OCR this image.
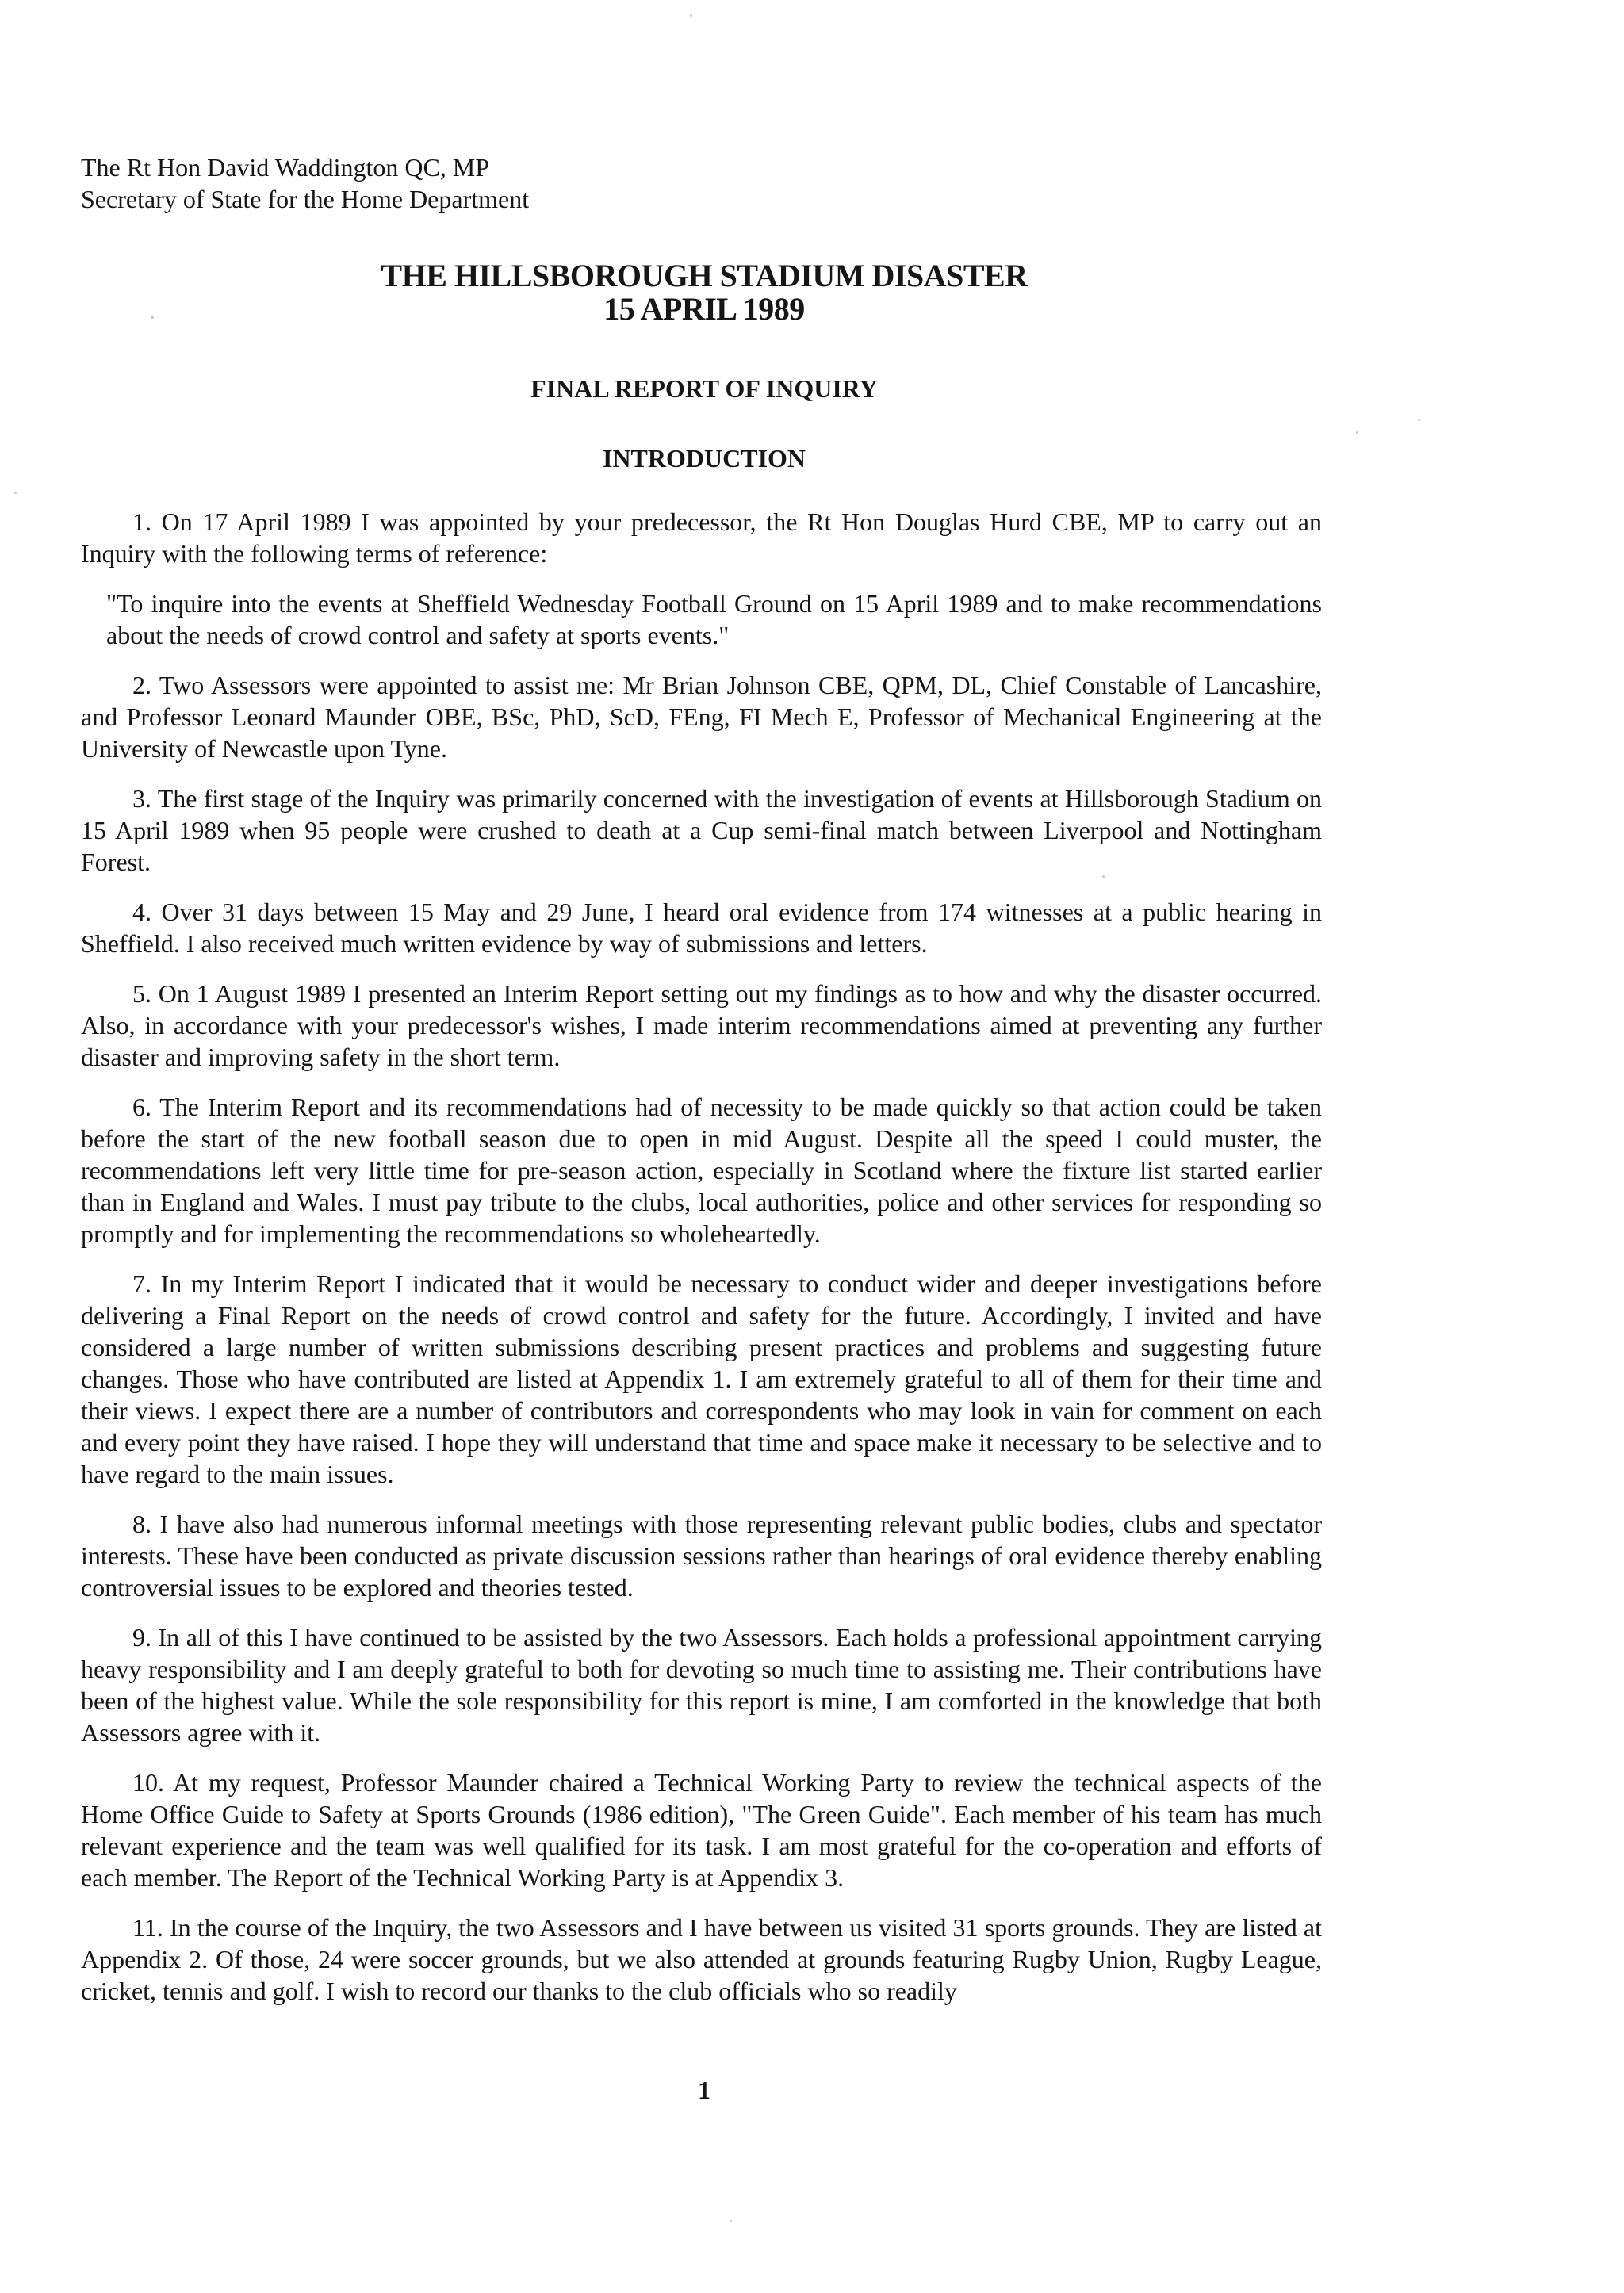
The Rt Hon David Waddington QC, MP
Secretary of State for the Home Department
THE HILLSBOROUGH STADIUM DISASTER
15 APRIL 1989
FINAL REPORT OF INQUIRY
INTRODUCTION

1. On 17 April 1989 I was appointed by your predecessor, the Rt Hon Douglas Hurd CBE, MP to carry out an Inquiry with the following terms of reference:

"To inquire into the events at Sheffield Wednesday Football Ground on 15 April 1989 and to make recommendations about the needs of crowd control and safety at sports events."

2. Two Assessors were appointed to assist me: Mr Brian Johnson CBE, QPM, DL, Chief Constable of Lancashire, and Professor Leonard Maunder OBE, BSc, PhD, ScD, FEng, FI Mech E, Professor of Mechanical Engineering at the University of Newcastle upon Tyne.

3. The first stage of the Inquiry was primarily concerned with the investigation of events at Hillsborough Stadium on 15 April 1989 when 95 people were crushed to death at a Cup semi-final match between Liverpool and Nottingham Forest.

4. Over 31 days between 15 May and 29 June, I heard oral evidence from 174 witnesses at a public hearing in Sheffield. I also received much written evidence by way of submissions and letters.

5. On 1 August 1989 I presented an Interim Report setting out my findings as to how and why the disaster occurred. Also, in accordance with your predecessor's wishes, I made interim recommendations aimed at preventing any further disaster and improving safety in the short term.

6. The Interim Report and its recommendations had of necessity to be made quickly so that action could be taken before the start of the new football season due to open in mid August. Despite all the speed I could muster, the recommendations left very little time for pre-season action, especially in Scotland where the fixture list started earlier than in England and Wales. I must pay tribute to the clubs, local authorities, police and other services for responding so promptly and for implementing the recommendations so wholeheartedly.

7. In my Interim Report I indicated that it would be necessary to conduct wider and deeper investigations before delivering a Final Report on the needs of crowd control and safety for the future. Accordingly, I invited and have considered a large number of written submissions describing present practices and problems and suggesting future changes. Those who have contributed are listed at Appendix 1. I am extremely grateful to all of them for their time and their views. I expect there are a number of contributors and correspondents who may look in vain for comment on each and every point they have raised. I hope they will understand that time and space make it necessary to be selective and to have regard to the main issues.

8. I have also had numerous informal meetings with those representing relevant public bodies, clubs and spectator interests. These have been conducted as private discussion sessions rather than hearings of oral evidence thereby enabling controversial issues to be explored and theories tested.

9. In all of this I have continued to be assisted by the two Assessors. Each holds a professional appointment carrying heavy responsibility and I am deeply grateful to both for devoting so much time to assisting me. Their contributions have been of the highest value. While the sole responsibility for this report is mine, I am comforted in the knowledge that both Assessors agree with it.

10. At my request, Professor Maunder chaired a Technical Working Party to review the technical aspects of the Home Office Guide to Safety at Sports Grounds (1986 edition), "The Green Guide". Each member of his team has much relevant experience and the team was well qualified for its task. I am most grateful for the co-operation and efforts of each member. The Report of the Technical Working Party is at Appendix 3.

11. In the course of the Inquiry, the two Assessors and I have between us visited 31 sports grounds. They are listed at Appendix 2. Of those, 24 were soccer grounds, but we also attended at grounds featuring Rugby Union, Rugby League, cricket, tennis and golf. I wish to record our thanks to the club officials who so readily

1
